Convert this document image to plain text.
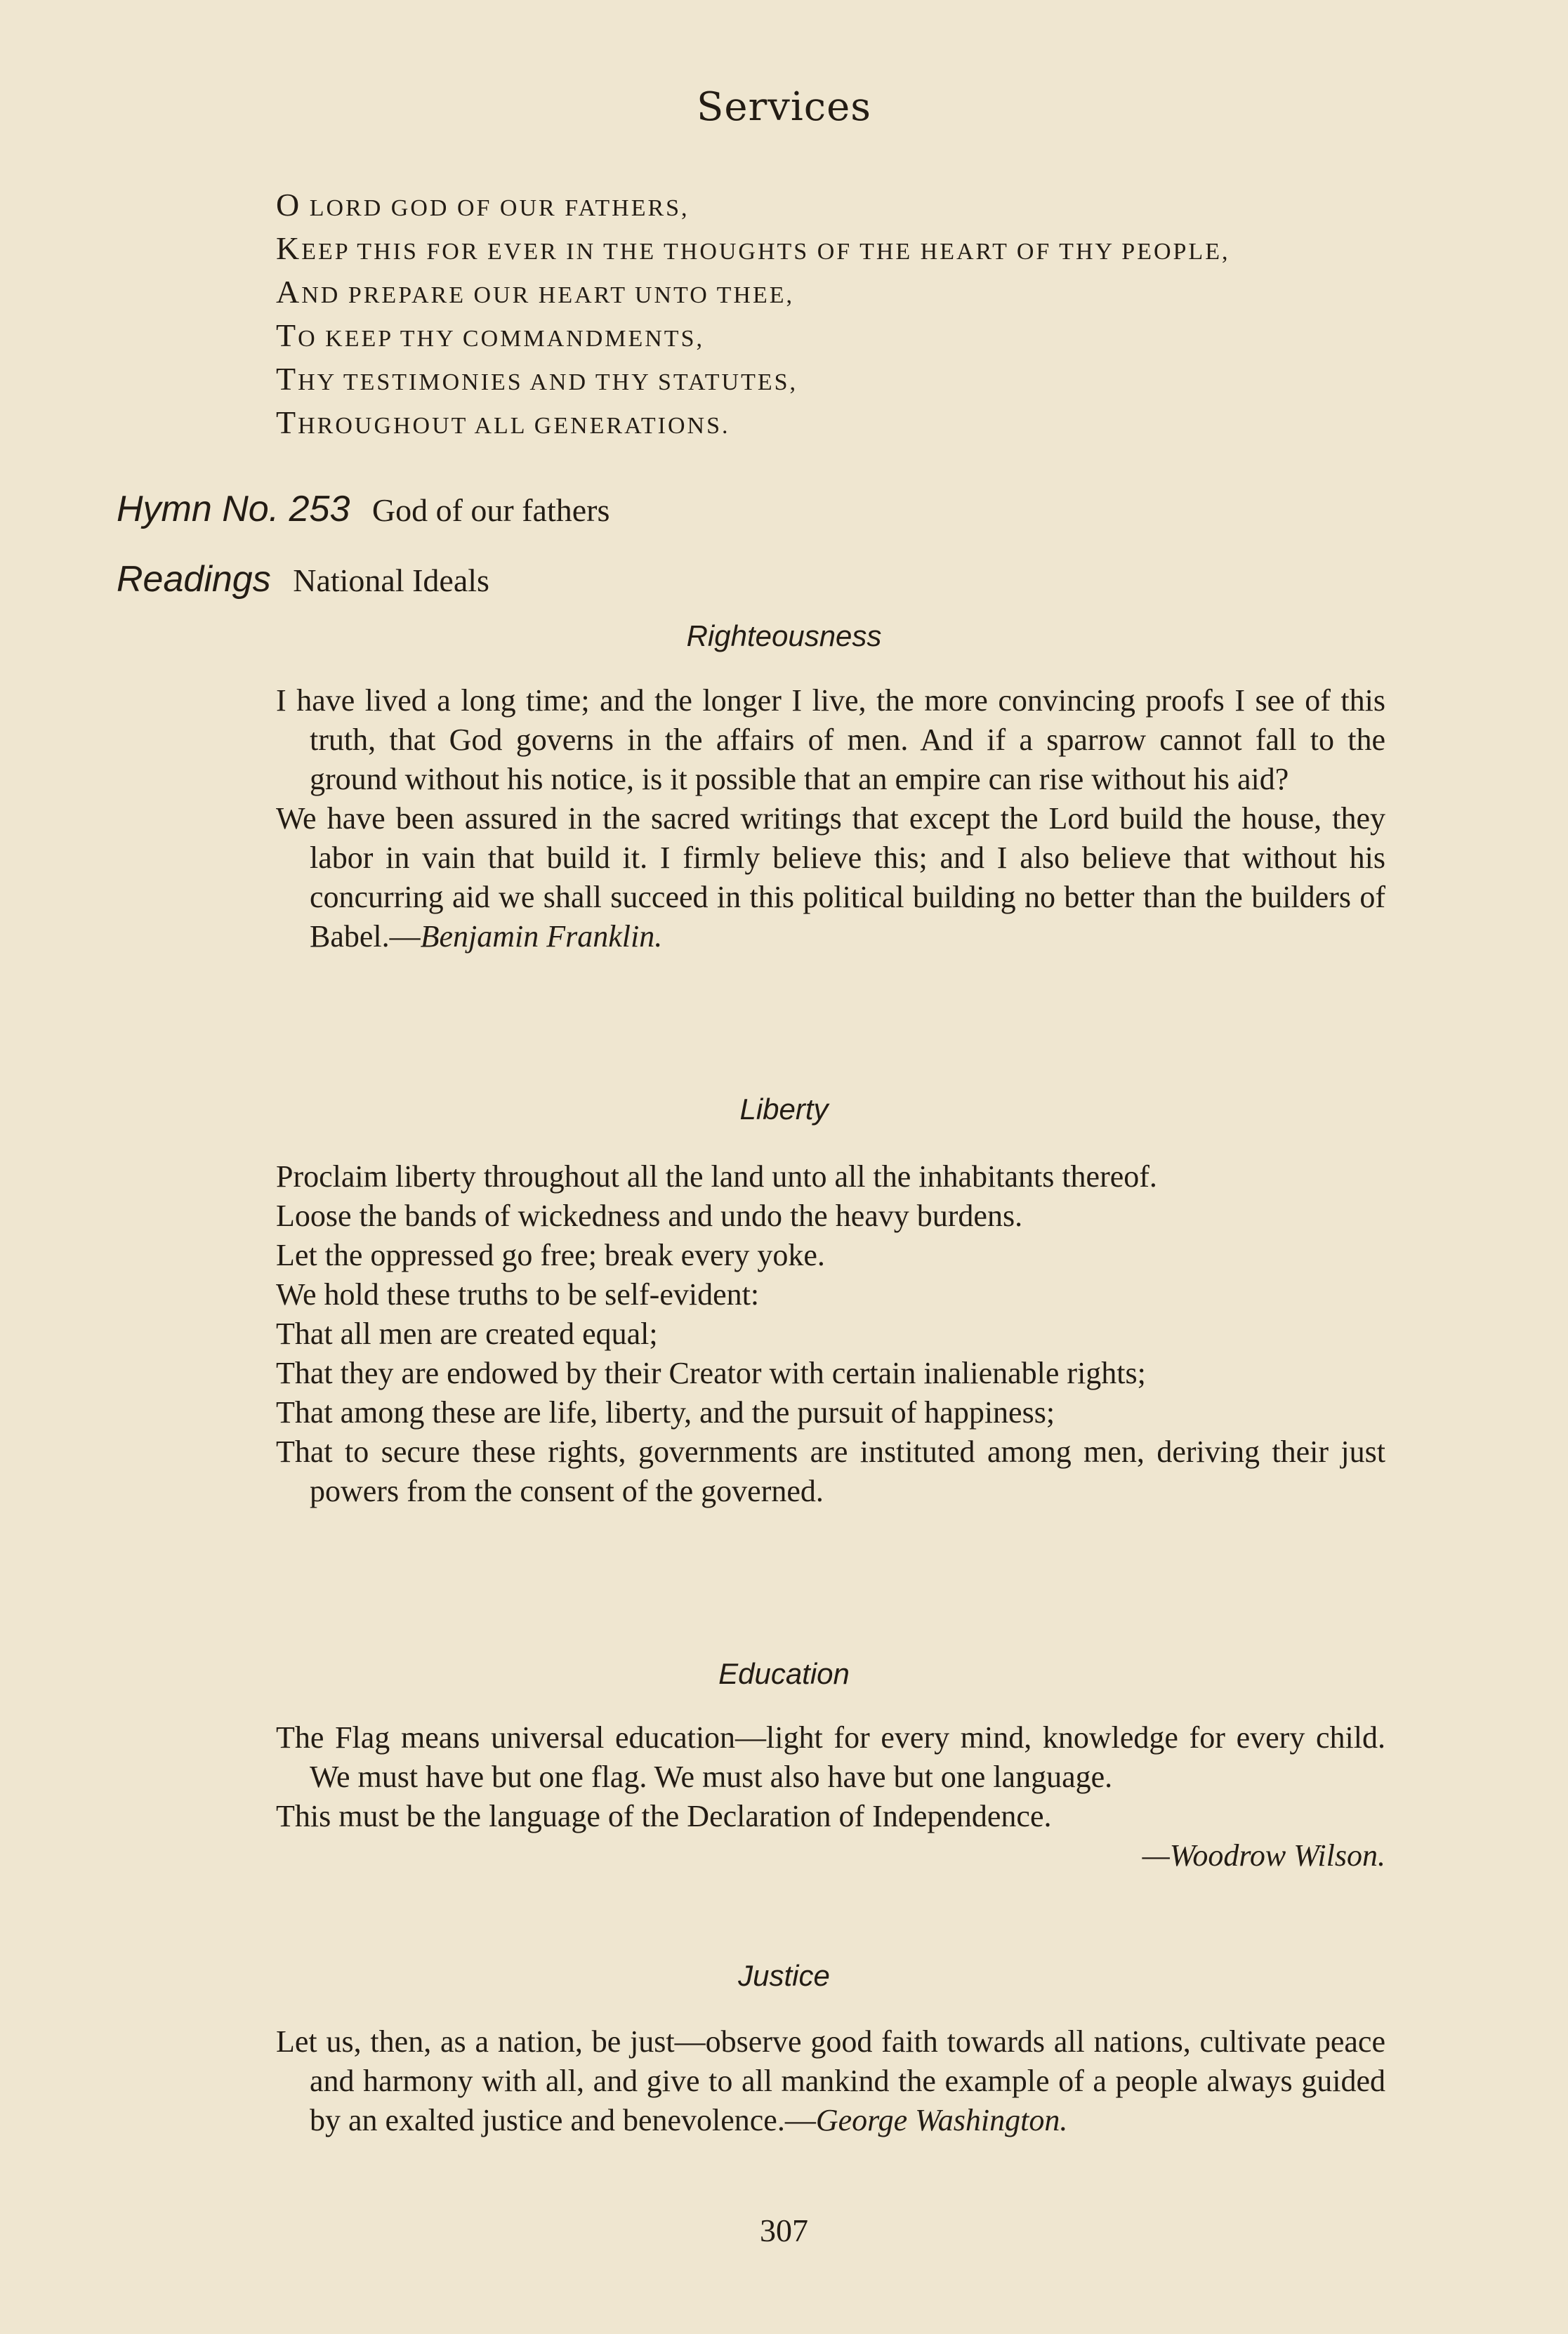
Services
O LORD GOD OF OUR FATHERS,
KEEP THIS FOR EVER IN THE THOUGHTS OF THE HEART OF THY PEOPLE,
AND PREPARE OUR HEART UNTO THEE,
TO KEEP THY COMMANDMENTS,
THY TESTIMONIES AND THY STATUTES,
THROUGHOUT ALL GENERATIONS.
Hymn No. 253 God of our fathers
Readings National Ideals
Righteousness

I have lived a long time; and the longer I live, the more convincing proofs I see of this truth, that God governs in the affairs of men. And if a sparrow cannot fall to the ground without his notice, is it possible that an empire can rise without his aid?

We have been assured in the sacred writings that except the Lord build the house, they labor in vain that build it. I firmly believe this; and I also believe that without his concurring aid we shall succeed in this political building no better than the builders of Babel.—Benjamin Franklin.

Liberty

Proclaim liberty throughout all the land unto all the inhabitants thereof.

Loose the bands of wickedness and undo the heavy burdens.

Let the oppressed go free; break every yoke.

We hold these truths to be self-evident:

That all men are created equal;

That they are endowed by their Creator with certain inalienable rights;

That among these are life, liberty, and the pursuit of happiness;

That to secure these rights, governments are instituted among men, deriving their just powers from the consent of the governed.

Education

The Flag means universal education—light for every mind, knowledge for every child. We must have but one flag. We must also have but one language.

This must be the language of the Declaration of Independence.

—Woodrow Wilson.
Justice

Let us, then, as a nation, be just—observe good faith towards all nations, cultivate peace and harmony with all, and give to all mankind the example of a people always guided by an exalted justice and benevolence.—George Washington.

307
